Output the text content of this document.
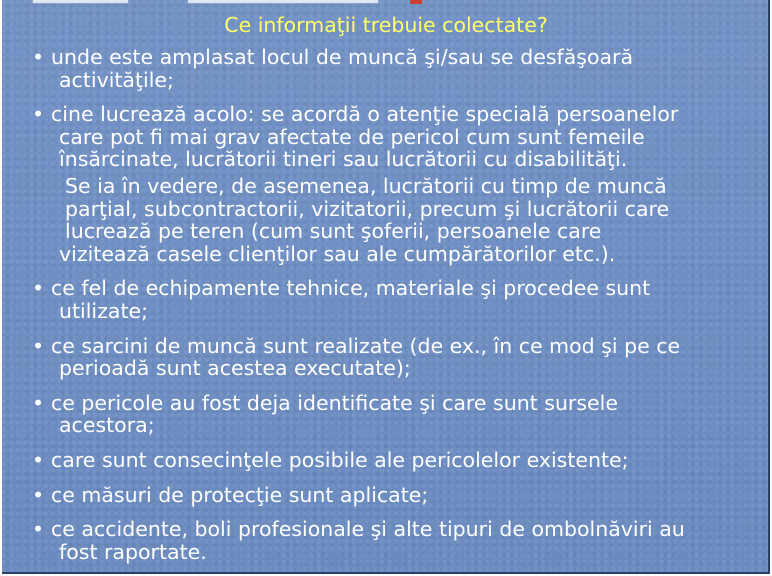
Ce informaţii trebuie colectate?
• unde este amplasat locul de muncă şi/sau se desfăşoară
activităţile;
• cine lucrează acolo: se acordă o atenţie specială persoanelor
care pot fi mai grav afectate de pericol cum sunt femeile
însărcinate, lucrătorii tineri sau lucrătorii cu disabilităţi.
Se ia în vedere, de asemenea, lucrătorii cu timp de muncă
parţial, subcontractorii, vizitatorii, precum şi lucrătorii care
lucrează pe teren (cum sunt şoferii, persoanele care
vizitează casele clienţilor sau ale cumpărătorilor etc.).
• ce fel de echipamente tehnice, materiale şi procedee sunt
utilizate;
• ce sarcini de muncă sunt realizate (de ex., în ce mod şi pe ce
perioadă sunt acestea executate);
• ce pericole au fost deja identificate şi care sunt sursele
acestora;
• care sunt consecinţele posibile ale pericolelor existente;
• ce măsuri de protecţie sunt aplicate;
• ce accidente, boli profesionale şi alte tipuri de ombolnăviri au
fost raportate.
